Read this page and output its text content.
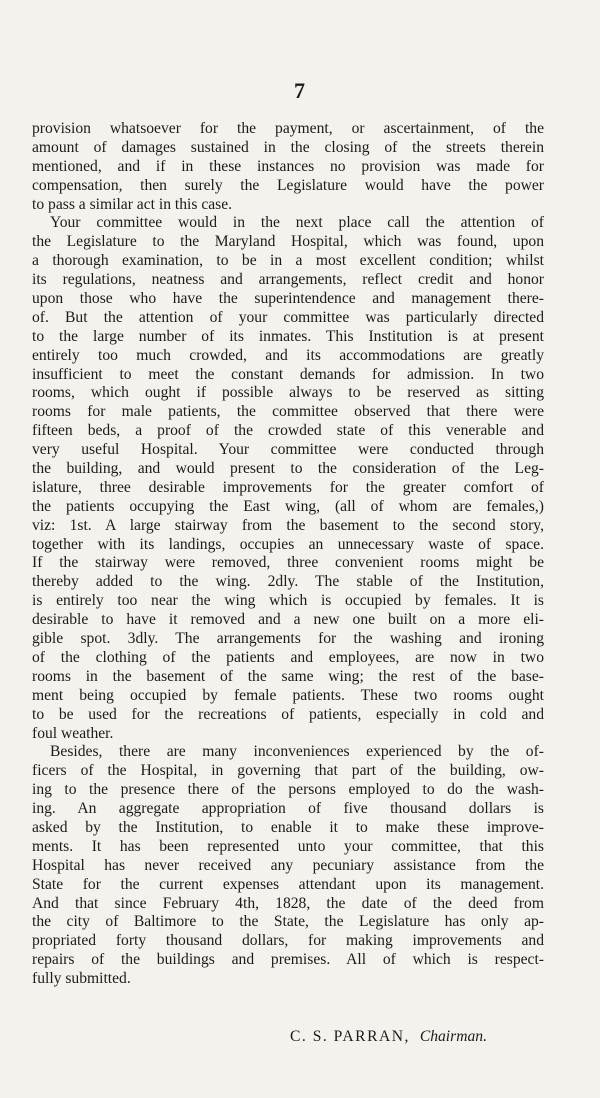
7
provision whatsoever for the payment, or ascertainment, of the
amount of damages sustained in the closing of the streets therein
mentioned, and if in these instances no provision was made for
compensation, then surely the Legislature would have the power
to pass a similar act in this case.
Your committee would in the next place call the attention of
the Legislature to the Maryland Hospital, which was found, upon
a thorough examination, to be in a most excellent condition; whilst
its regulations, neatness and arrangements, reflect credit and honor
upon those who have the superintendence and management there-
of. But the attention of your committee was particularly directed
to the large number of its inmates. This Institution is at present
entirely too much crowded, and its accommodations are greatly
insufficient to meet the constant demands for admission. In two
rooms, which ought if possible always to be reserved as sitting
rooms for male patients, the committee observed that there were
fifteen beds, a proof of the crowded state of this venerable and
very useful Hospital. Your committee were conducted through
the building, and would present to the consideration of the Leg-
islature, three desirable improvements for the greater comfort of
the patients occupying the East wing, (all of whom are females,)
viz: 1st. A large stairway from the basement to the second story,
together with its landings, occupies an unnecessary waste of space.
If the stairway were removed, three convenient rooms might be
thereby added to the wing. 2dly. The stable of the Institution,
is entirely too near the wing which is occupied by females. It is
desirable to have it removed and a new one built on a more eli-
gible spot. 3dly. The arrangements for the washing and ironing
of the clothing of the patients and employees, are now in two
rooms in the basement of the same wing; the rest of the base-
ment being occupied by female patients. These two rooms ought
to be used for the recreations of patients, especially in cold and
foul weather.
Besides, there are many inconveniences experienced by the of-
ficers of the Hospital, in governing that part of the building, ow-
ing to the presence there of the persons employed to do the wash-
ing. An aggregate appropriation of five thousand dollars is
asked by the Institution, to enable it to make these improve-
ments. It has been represented unto your committee, that this
Hospital has never received any pecuniary assistance from the
State for the current expenses attendant upon its management.
And that since February 4th, 1828, the date of the deed from
the city of Baltimore to the State, the Legislature has only ap-
propriated forty thousand dollars, for making improvements and
repairs of the buildings and premises. All of which is respect-
fully submitted.
C. S. PARRAN, Chairman.
